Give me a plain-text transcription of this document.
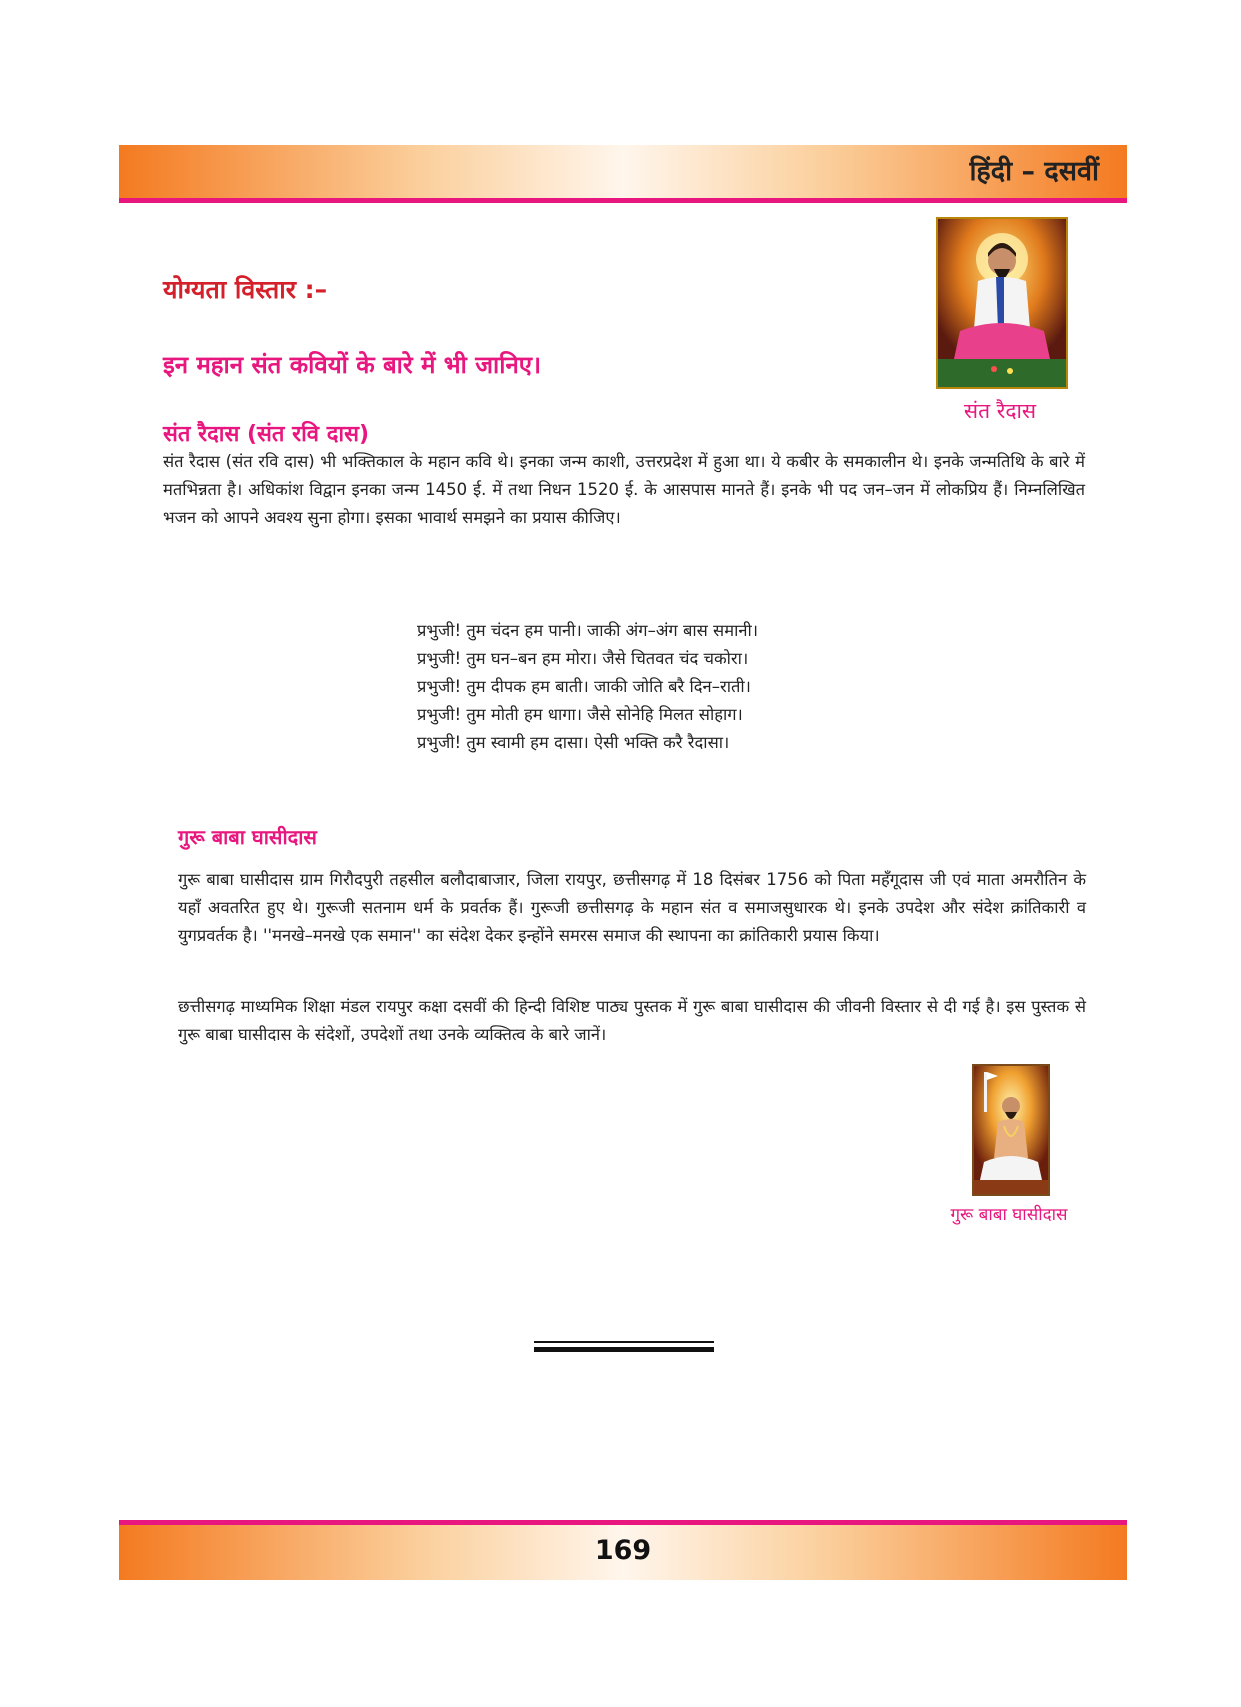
हिंदी – दसवीं
योग्यता विस्तार :–
इन महान संत कवियों के बारे में भी जानिए।
संत रैदास
संत रैदास (संत रवि दास)
संत रैदास (संत रवि दास) भी भक्तिकाल के महान कवि थे। इनका जन्म काशी, उत्तरप्रदेश में हुआ था। ये कबीर के समकालीन थे। इनके जन्मतिथि के बारे में मतभिन्नता है। अधिकांश विद्वान इनका जन्म 1450 ई. में तथा निधन 1520 ई. के आसपास मानते हैं। इनके भी पद जन–जन में लोकप्रिय हैं। निम्नलिखित भजन को आपने अवश्य सुना होगा। इसका भावार्थ समझने का प्रयास कीजिए।
प्रभुजी! तुम चंदन हम पानी। जाकी अंग–अंग बास समानी।
प्रभुजी! तुम घन–बन हम मोरा। जैसे चितवत चंद चकोरा।
प्रभुजी! तुम दीपक हम बाती। जाकी जोति बरै दिन–राती।
प्रभुजी! तुम मोती हम धागा। जैसे सोनेहि मिलत सोहाग।
प्रभुजी! तुम स्वामी हम दासा। ऐसी भक्ति करै रैदासा।
गुरू बाबा घासीदास
गुरू बाबा घासीदास ग्राम गिरौदपुरी तहसील बलौदाबाजार, जिला रायपुर, छत्तीसगढ़ में 18 दिसंबर 1756 को पिता महँगूदास जी एवं माता अमरौतिन के यहाँ अवतरित हुए थे। गुरूजी सतनाम धर्म के प्रवर्तक हैं। गुरूजी छत्तीसगढ़ के महान संत व समाजसुधारक थे। इनके उपदेश और संदेश क्रांतिकारी व युगप्रवर्तक है। ''मनखे–मनखे एक समान'' का संदेश देकर इन्होंने समरस समाज की स्थापना का क्रांतिकारी प्रयास किया।
छत्तीसगढ़ माध्यमिक शिक्षा मंडल रायपुर कक्षा दसवीं की हिन्दी विशिष्ट पाठ्य पुस्तक में गुरू बाबा घासीदास की जीवनी विस्तार से दी गई है। इस पुस्तक से गुरू बाबा घासीदास के संदेशों, उपदेशों तथा उनके व्यक्तित्व के बारे जानें।
गुरू बाबा घासीदास
169
